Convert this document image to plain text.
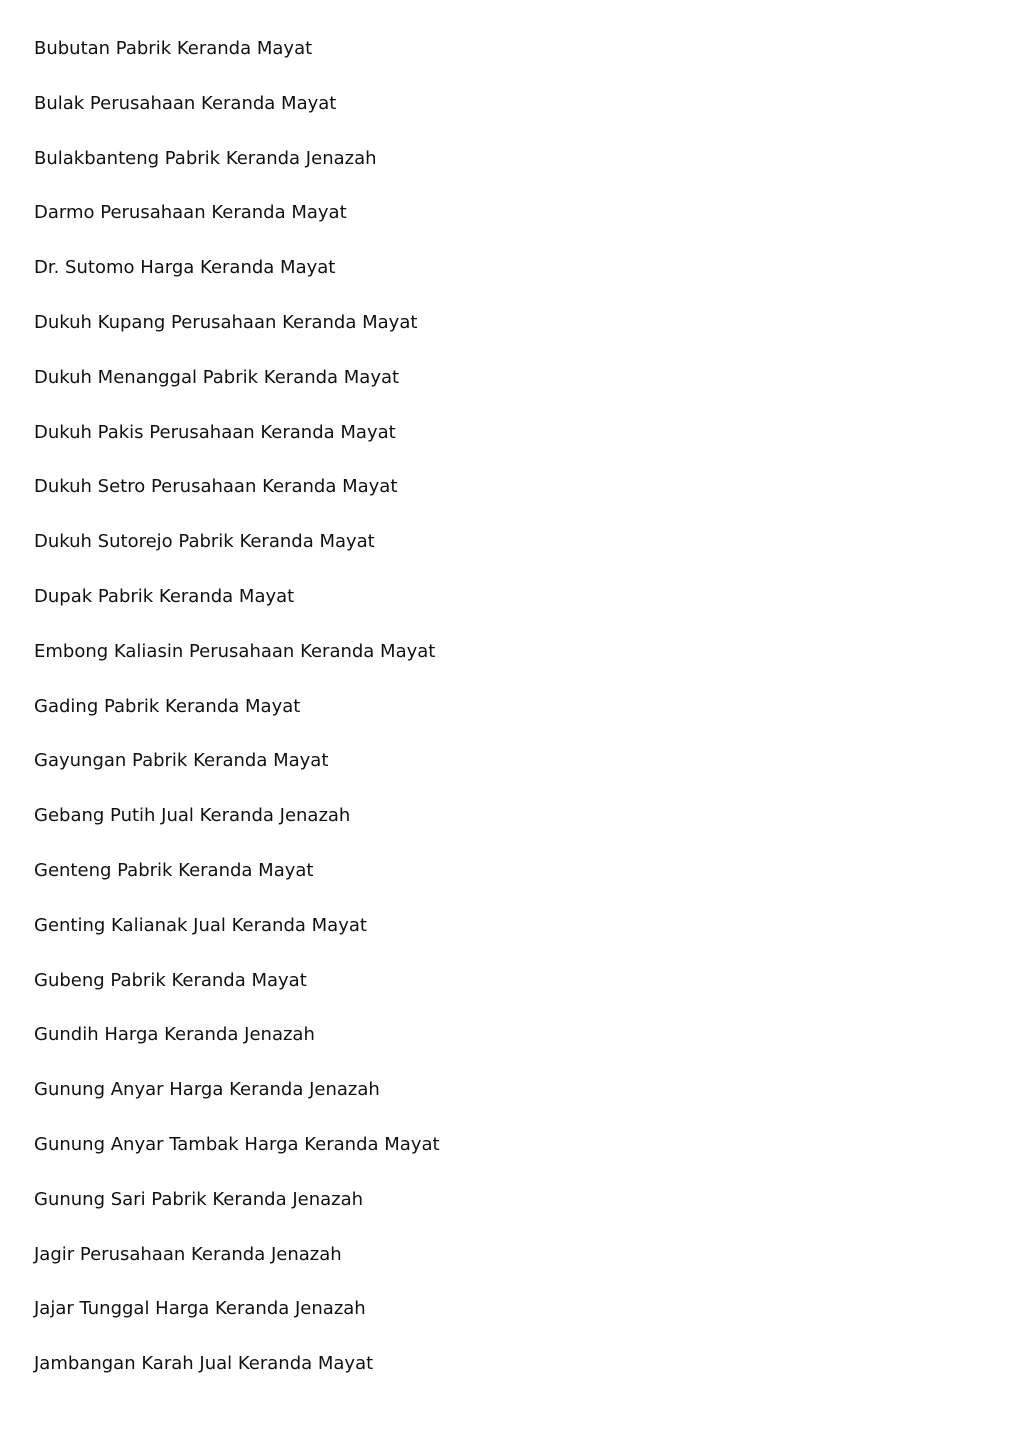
Bubutan Pabrik Keranda Mayat
Bulak Perusahaan Keranda Mayat
Bulakbanteng Pabrik Keranda Jenazah
Darmo Perusahaan Keranda Mayat
Dr. Sutomo Harga Keranda Mayat
Dukuh Kupang Perusahaan Keranda Mayat
Dukuh Menanggal Pabrik Keranda Mayat
Dukuh Pakis Perusahaan Keranda Mayat
Dukuh Setro Perusahaan Keranda Mayat
Dukuh Sutorejo Pabrik Keranda Mayat
Dupak Pabrik Keranda Mayat
Embong Kaliasin Perusahaan Keranda Mayat
Gading Pabrik Keranda Mayat
Gayungan Pabrik Keranda Mayat
Gebang Putih Jual Keranda Jenazah
Genteng Pabrik Keranda Mayat
Genting Kalianak Jual Keranda Mayat
Gubeng Pabrik Keranda Mayat
Gundih Harga Keranda Jenazah
Gunung Anyar Harga Keranda Jenazah
Gunung Anyar Tambak Harga Keranda Mayat
Gunung Sari Pabrik Keranda Jenazah
Jagir Perusahaan Keranda Jenazah
Jajar Tunggal Harga Keranda Jenazah
Jambangan Karah Jual Keranda Mayat
